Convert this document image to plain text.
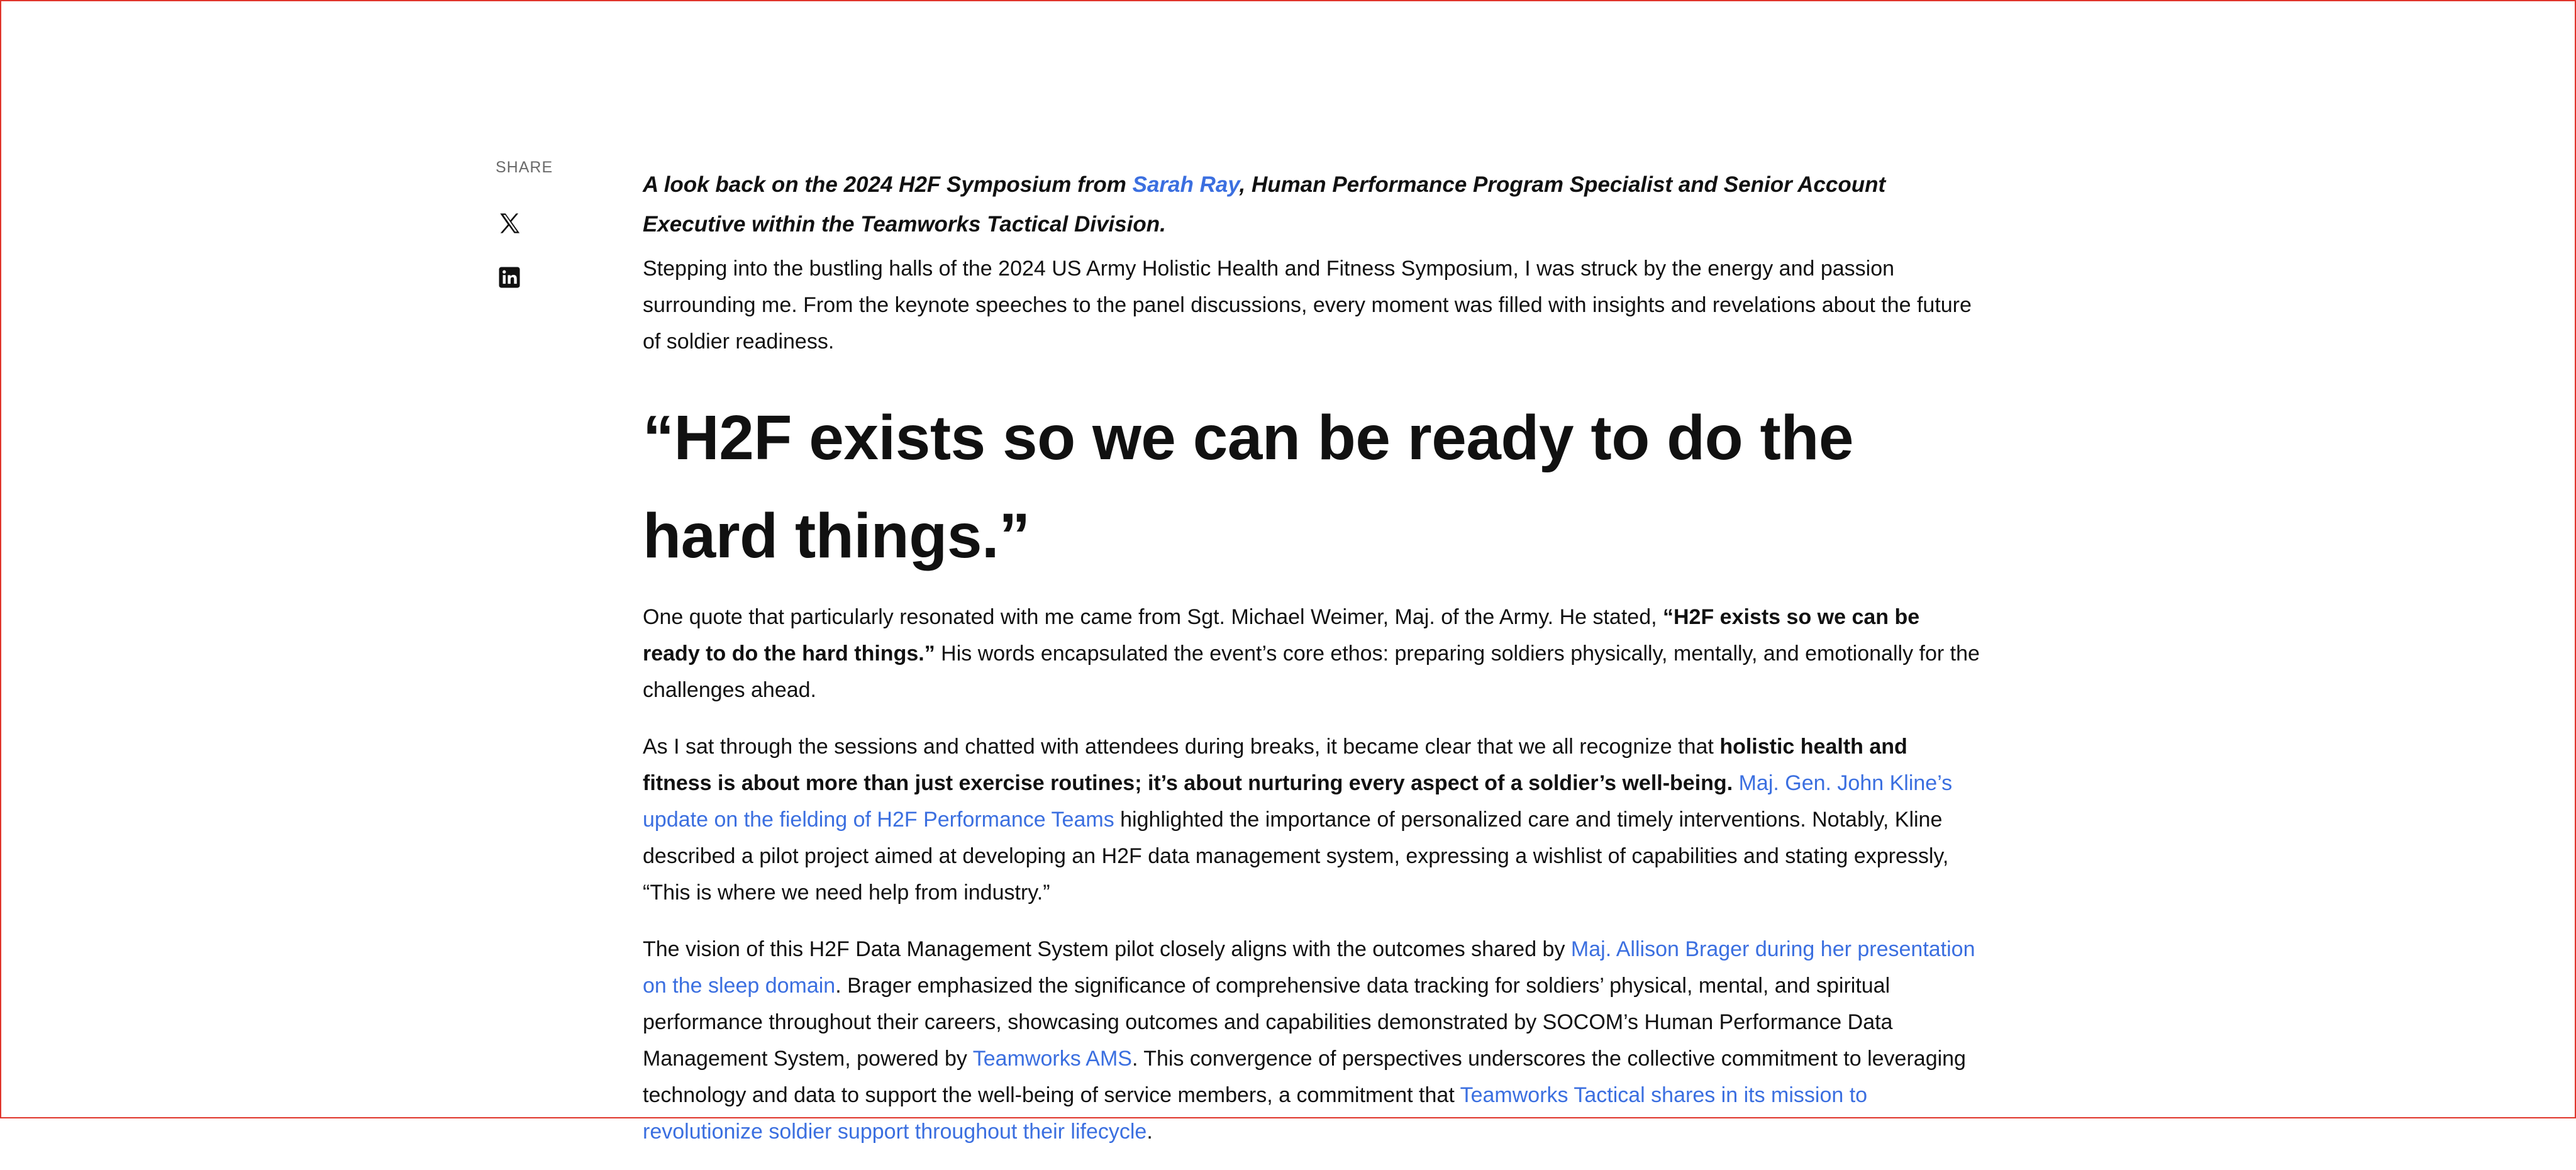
SHARE

A look back on the 2024 H2F Symposium from Sarah Ray, Human Performance Program Specialist and Senior Account Executive within the Teamworks Tactical Division.

Stepping into the bustling halls of the 2024 US Army Holistic Health and Fitness Symposium, I was struck by the energy and passion surrounding me. From the keynote speeches to the panel discussions, every moment was filled with insights and revelations about the future of soldier readiness.

“H2F exists so we can be ready to do the hard things.”

One quote that particularly resonated with me came from Sgt. Michael Weimer, Maj. of the Army. He stated, “H2F exists so we can be ready to do the hard things.” His words encapsulated the event’s core ethos: preparing soldiers physically, mentally, and emotionally for the challenges ahead.

As I sat through the sessions and chatted with attendees during breaks, it became clear that we all recognize that holistic health and fitness is about more than just exercise routines; it’s about nurturing every aspect of a soldier’s well-being. Maj. Gen. John Kline’s update on the fielding of H2F Performance Teams highlighted the importance of personalized care and timely interventions. Notably, Kline described a pilot project aimed at developing an H2F data management system, expressing a wishlist of capabilities and stating expressly, “This is where we need help from industry.”

The vision of this H2F Data Management System pilot closely aligns with the outcomes shared by Maj. Allison Brager during her presentation on the sleep domain. Brager emphasized the significance of comprehensive data tracking for soldiers’ physical, mental, and spiritual performance throughout their careers, showcasing outcomes and capabilities demonstrated by SOCOM’s Human Performance Data Management System, powered by Teamworks AMS. This convergence of perspectives underscores the collective commitment to leveraging technology and data to support the well-being of service members, a commitment that Teamworks Tactical shares in its mission to revolutionize soldier support throughout their lifecycle.
